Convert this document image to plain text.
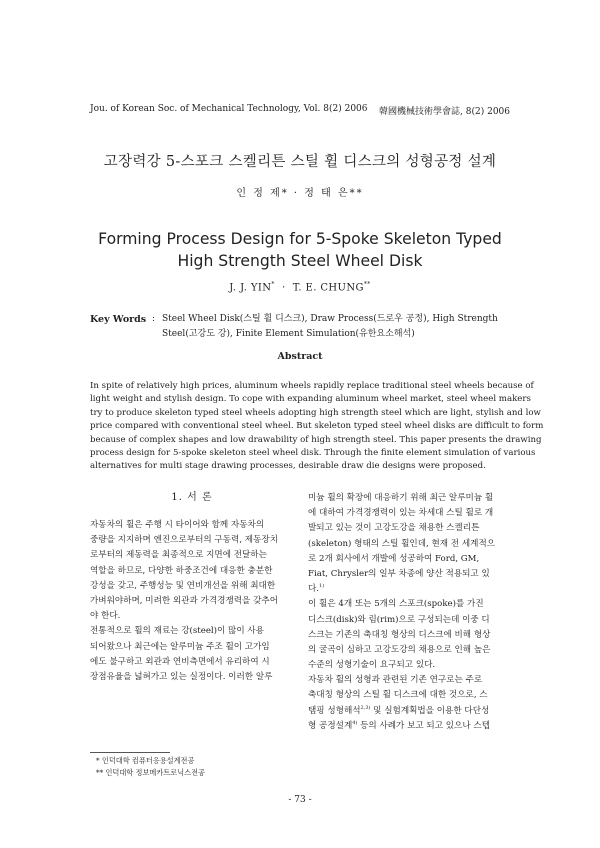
Jou. of Korean Soc. of Mechanical Technology, Vol. 8(2) 2006 韓國機械技術學會誌, 8(2) 2006
고장력강 5-스포크 스켈리튼 스틸 휠 디스크의 성형공정 설계
인 정 제* · 정 태 은**
Forming Process Design for 5-Spoke Skeleton Typed
High Strength Steel Wheel Disk
J. J. YIN* · T. E. CHUNG**
Key Words : Steel Wheel Disk(스틸 휠 디스크), Draw Process(드로우 공정), High Strength
Steel(고강도 강), Finite Element Simulation(유한요소해석)
Abstract
In spite of relatively high prices, aluminum wheels rapidly replace traditional steel wheels because of
light weight and stylish design. To cope with expanding aluminum wheel market, steel wheel makers
try to produce skeleton typed steel wheels adopting high strength steel which are light, stylish and low
price compared with conventional steel wheel. But skeleton typed steel wheel disks are difficult to form
because of complex shapes and low drawability of high strength steel. This paper presents the drawing
process design for 5-spoke skeleton steel wheel disk. Through the finite element simulation of various
alternatives for multi stage drawing processes, desirable draw die designs were proposed.
1. 서 론
자동차의 휠은 주행 시 타이어와 함께 자동차의
중량을 지지하며 엔진으로부터의 구동력, 제동장치
로부터의 제동력을 최종적으로 지면에 전달하는
역할을 하므로, 다양한 하중조건에 대응한 충분한
강성을 갖고, 주행성능 및 연비개선을 위해 최대한
가벼워야하며, 미려한 외관과 가격경쟁력을 갖추어
야 한다.
전통적으로 휠의 재료는 강(steel)이 많이 사용
되어왔으나 최근에는 알루미늄 주조 휠이 고가임
에도 불구하고 외관과 연비측면에서 유리하여 시
장점유율을 넓혀가고 있는 실정이다. 이러한 알루
미늄 휠의 확장에 대응하기 위해 최근 알루미늄 휠
에 대하여 가격경쟁력이 있는 차세대 스틸 휠로 개
발되고 있는 것이 고강도강을 채용한 스켈리튼
(skeleton) 형태의 스틸 휠인데, 현재 전 세계적으
로 2개 회사에서 개발에 성공하여 Ford, GM,
Fiat, Chrysler의 일부 차종에 양산 적용되고 있
다.$^{1)}$
이 휠은 4개 또는 5개의 스포크(spoke)를 가진
디스크(disk)와 림(rim)으로 구성되는데 이중 디
스크는 기존의 축대칭 형상의 디스크에 비해 형상
의 굴곡이 심하고 고강도강의 채용으로 인해 높은
수준의 성형기술이 요구되고 있다.
자동차 휠의 성형과 관련된 기존 연구로는 주로
축대칭 형상의 스틸 휠 디스크에 대한 것으로, 스
탬핑 성형해석$^{2,3)}$ 및 실험계획법을 이용한 다단성
형 공정설계$^{4)}$ 등의 사례가 보고 되고 있으나 스텝
* 인덕대학 컴퓨터응용설계전공
** 인덕대학 정보메카트로닉스전공
- 73 -
